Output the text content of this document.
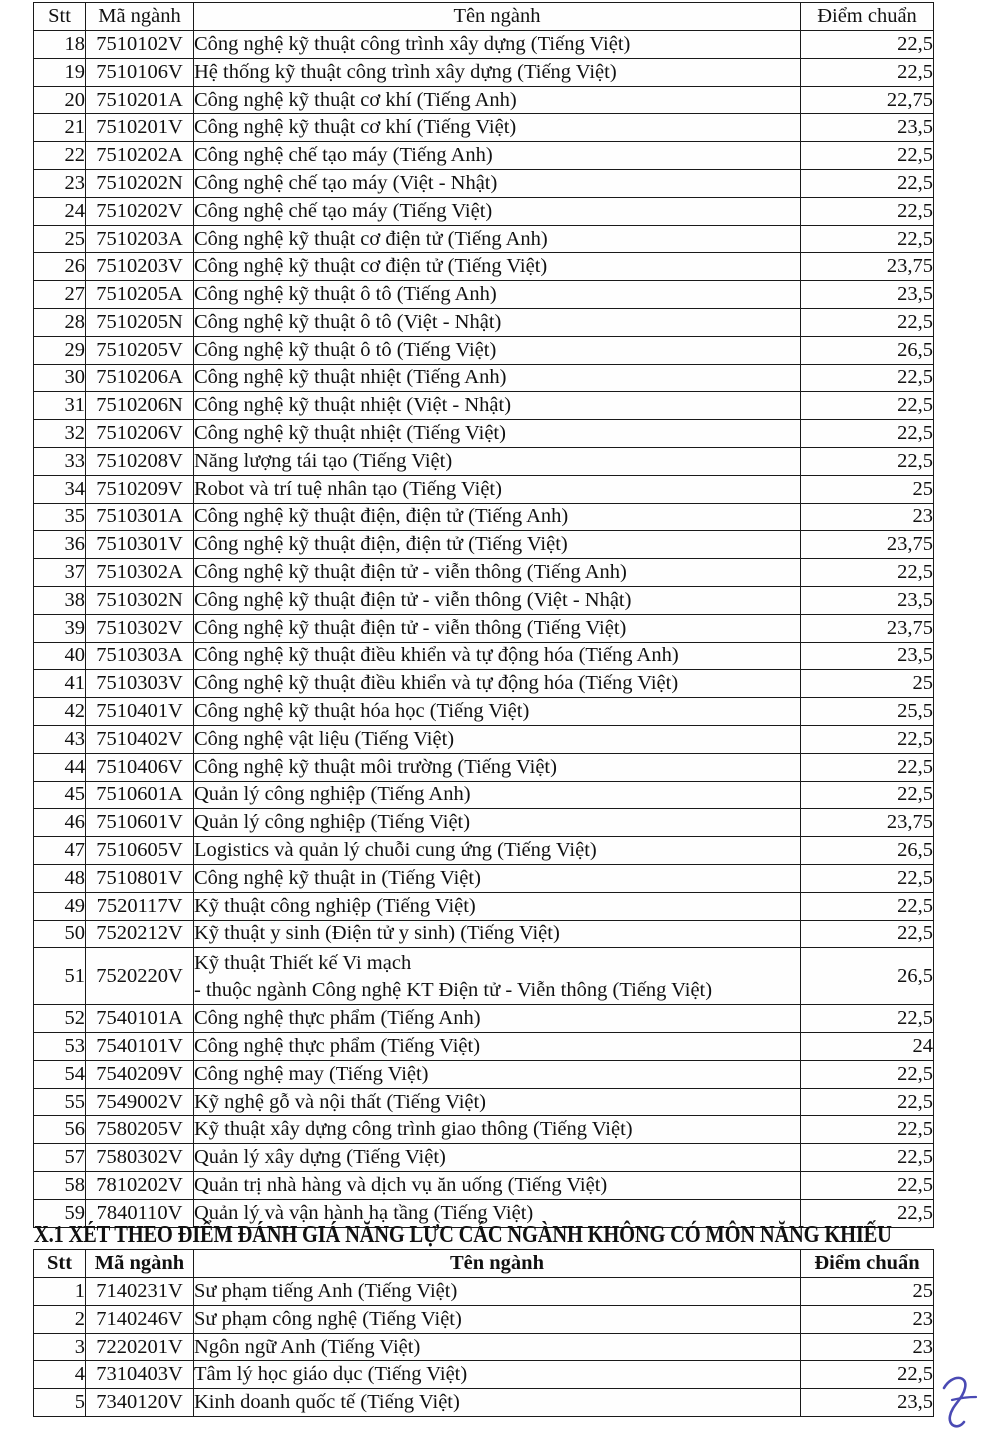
Stt	Mã ngành	Tên ngành	Điểm chuẩn
18	7510102V	Công nghệ kỹ thuật công trình xây dựng (Tiếng Việt)	22,5
19	7510106V	Hệ thống kỹ thuật công trình xây dựng (Tiếng Việt)	22,5
20	7510201A	Công nghệ kỹ thuật cơ khí (Tiếng Anh)	22,75
21	7510201V	Công nghệ kỹ thuật cơ khí (Tiếng Việt)	23,5
22	7510202A	Công nghệ chế tạo máy (Tiếng Anh)	22,5
23	7510202N	Công nghệ chế tạo máy (Việt - Nhật)	22,5
24	7510202V	Công nghệ chế tạo máy (Tiếng Việt)	22,5
25	7510203A	Công nghệ kỹ thuật cơ điện tử (Tiếng Anh)	22,5
26	7510203V	Công nghệ kỹ thuật cơ điện tử (Tiếng Việt)	23,75
27	7510205A	Công nghệ kỹ thuật ô tô (Tiếng Anh)	23,5
28	7510205N	Công nghệ kỹ thuật ô tô (Việt - Nhật)	22,5
29	7510205V	Công nghệ kỹ thuật ô tô (Tiếng Việt)	26,5
30	7510206A	Công nghệ kỹ thuật nhiệt (Tiếng Anh)	22,5
31	7510206N	Công nghệ kỹ thuật nhiệt (Việt - Nhật)	22,5
32	7510206V	Công nghệ kỹ thuật nhiệt (Tiếng Việt)	22,5
33	7510208V	Năng lượng tái tạo (Tiếng Việt)	22,5
34	7510209V	Robot và trí tuệ nhân tạo (Tiếng Việt)	25
35	7510301A	Công nghệ kỹ thuật điện, điện tử (Tiếng Anh)	23
36	7510301V	Công nghệ kỹ thuật điện, điện tử (Tiếng Việt)	23,75
37	7510302A	Công nghệ kỹ thuật điện tử - viễn thông (Tiếng Anh)	22,5
38	7510302N	Công nghệ kỹ thuật điện tử - viễn thông (Việt - Nhật)	23,5
39	7510302V	Công nghệ kỹ thuật điện tử - viễn thông (Tiếng Việt)	23,75
40	7510303A	Công nghệ kỹ thuật điều khiển và tự động hóa (Tiếng Anh)	23,5
41	7510303V	Công nghệ kỹ thuật điều khiển và tự động hóa (Tiếng Việt)	25
42	7510401V	Công nghệ kỹ thuật hóa học (Tiếng Việt)	25,5
43	7510402V	Công nghệ vật liệu (Tiếng Việt)	22,5
44	7510406V	Công nghệ kỹ thuật môi trường (Tiếng Việt)	22,5
45	7510601A	Quản lý công nghiệp (Tiếng Anh)	22,5
46	7510601V	Quản lý công nghiệp (Tiếng Việt)	23,75
47	7510605V	Logistics và quản lý chuỗi cung ứng (Tiếng Việt)	26,5
48	7510801V	Công nghệ kỹ thuật in (Tiếng Việt)	22,5
49	7520117V	Kỹ thuật công nghiệp (Tiếng Việt)	22,5
50	7520212V	Kỹ thuật y sinh (Điện tử y sinh) (Tiếng Việt)	22,5
51	7520220V	Kỹ thuật Thiết kế Vi mạch
- thuộc ngành Công nghệ KT Điện tử - Viễn thông (Tiếng Việt)	26,5
52	7540101A	Công nghệ thực phẩm (Tiếng Anh)	22,5
53	7540101V	Công nghệ thực phẩm (Tiếng Việt)	24
54	7540209V	Công nghệ may (Tiếng Việt)	22,5
55	7549002V	Kỹ nghệ gỗ và nội thất (Tiếng Việt)	22,5
56	7580205V	Kỹ thuật xây dựng công trình giao thông (Tiếng Việt)	22,5
57	7580302V	Quản lý xây dựng (Tiếng Việt)	22,5
58	7810202V	Quản trị nhà hàng và dịch vụ ăn uống (Tiếng Việt)	22,5
59	7840110V	Quản lý và vận hành hạ tầng (Tiếng Việt)	22,5
X.1 XÉT THEO ĐIỂM ĐÁNH GIÁ NĂNG LỰC CÁC NGÀNH KHÔNG CÓ MÔN NĂNG KHIẾU
Stt	Mã ngành	Tên ngành	Điểm chuẩn
1	7140231V	Sư phạm tiếng Anh (Tiếng Việt)	25
2	7140246V	Sư phạm công nghệ (Tiếng Việt)	23
3	7220201V	Ngôn ngữ Anh (Tiếng Việt)	23
4	7310403V	Tâm lý học giáo dục (Tiếng Việt)	22,5
5	7340120V	Kinh doanh quốc tế (Tiếng Việt)	23,5
